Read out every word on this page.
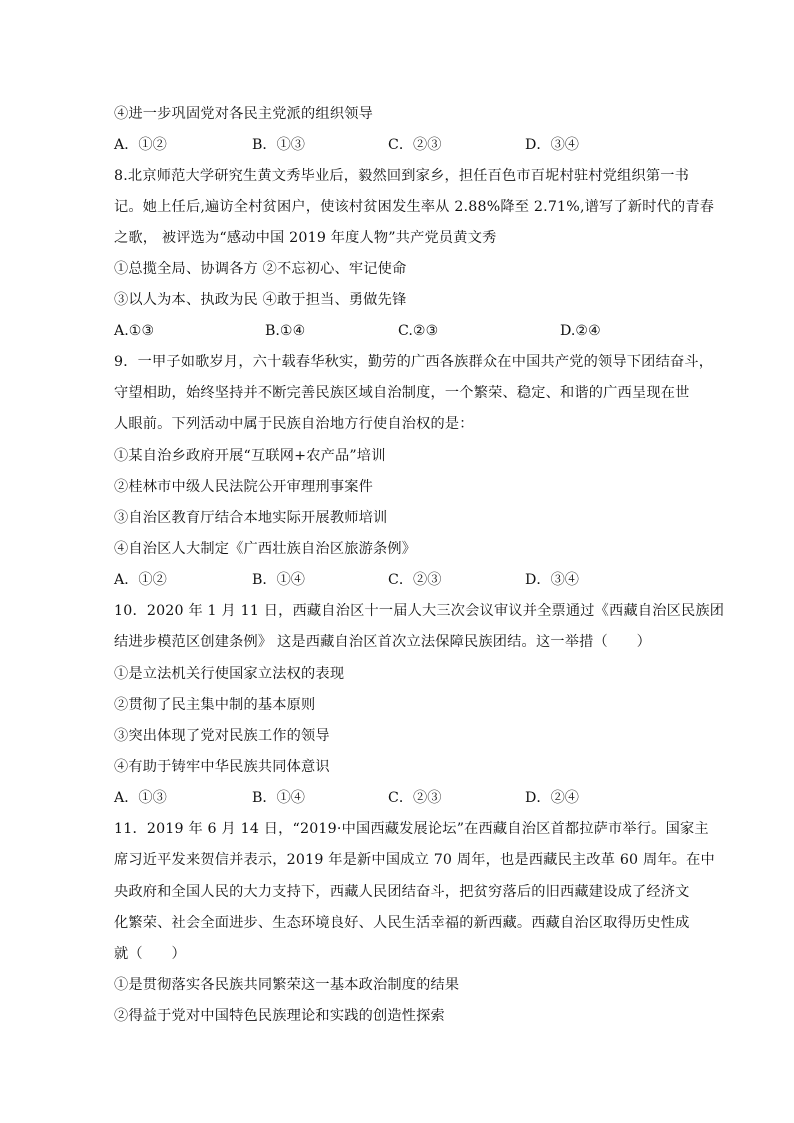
④进一步巩固党对各民主党派的组织领导
A．①②	B．①③	C．②③	D．③④
8.北京师范大学研究生黄文秀毕业后，毅然回到家乡，担任百色市百坭村驻村党组织第一书
记。她上任后,遍访全村贫困户，使该村贫困发生率从 2.88%降至 2.71%,谱写了新时代的青春
之歌， 被评选为“感动中国 2019 年度人物”共产党员黄文秀
①总揽全局、协调各方 ②不忘初心、牢记使命
③以人为本、执政为民 ④敢于担当、勇做先锋
A.①③	B.①④	C.②③	D.②④
9．一甲子如歌岁月，六十载春华秋实，勤劳的广西各族群众在中国共产党的领导下团结奋斗，
守望相助，始终坚持并不断完善民族区域自治制度，一个繁荣、稳定、和谐的广西呈现在世
人眼前。下列活动中属于民族自治地方行使自治权的是：
①某自治乡政府开展“互联网+农产品”培训
②桂林市中级人民法院公开审理刑事案件
③自治区教育厅结合本地实际开展教师培训
④自治区人大制定《广西壮族自治区旅游条例》
A．①②	B．①④	C．②③	D．③④
10．2020 年 1 月 11 日，西藏自治区十一届人大三次会议审议并全票通过《西藏自治区民族团
结进步模范区创建条例》 这是西藏自治区首次立法保障民族团结。这一举措（　　）
①是立法机关行使国家立法权的表现
②贯彻了民主集中制的基本原则
③突出体现了党对民族工作的领导
④有助于铸牢中华民族共同体意识
A．①③	B．①④	C．②③	D．②④
11．2019 年 6 月 14 日，“2019·中国西藏发展论坛”在西藏自治区首都拉萨市举行。国家主
席习近平发来贺信并表示，2019 年是新中国成立 70 周年，也是西藏民主改革 60 周年。在中
央政府和全国人民的大力支持下，西藏人民团结奋斗，把贫穷落后的旧西藏建设成了经济文
化繁荣、社会全面进步、生态环境良好、人民生活幸福的新西藏。西藏自治区取得历史性成
就（　　）
①是贯彻落实各民族共同繁荣这一基本政治制度的结果
②得益于党对中国特色民族理论和实践的创造性探索
